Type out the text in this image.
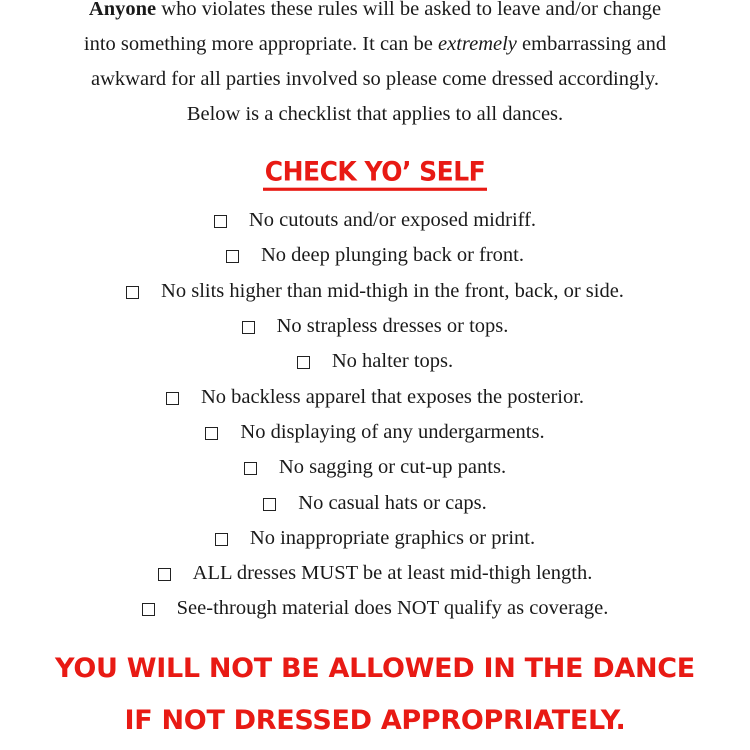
Anyone who violates these rules will be asked to leave and/or change
into something more appropriate. It can be extremely embarrassing and
awkward for all parties involved so please come dressed accordingly.
Below is a checklist that applies to all dances.
CHECK YO’ SELF
No cutouts and/or exposed midriff.
No deep plunging back or front.
No slits higher than mid-thigh in the front, back, or side.
No strapless dresses or tops.
No halter tops.
No backless apparel that exposes the posterior.
No displaying of any undergarments.
No sagging or cut-up pants.
No casual hats or caps.
No inappropriate graphics or print.
ALL dresses MUST be at least mid-thigh length.
See-through material does NOT qualify as coverage.
YOU WILL NOT BE ALLOWED IN THE DANCE
IF NOT DRESSED APPROPRIATELY.
